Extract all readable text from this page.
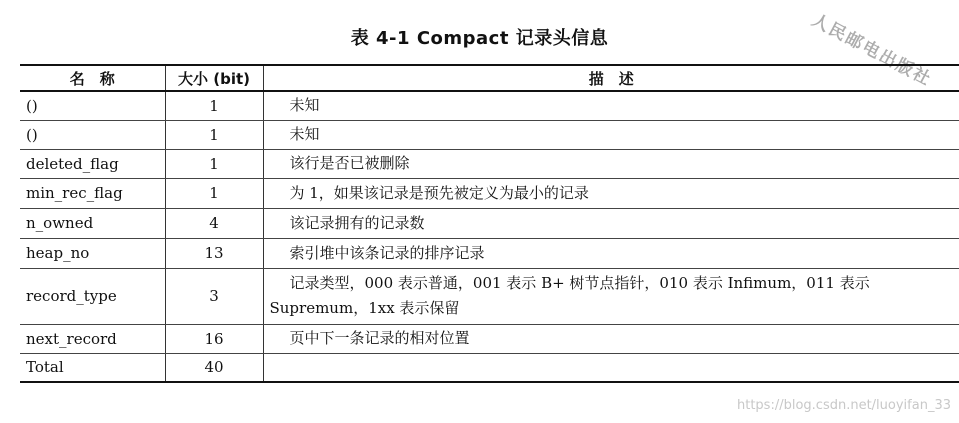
表 4-1 Compact 记录头信息	人民邮电出版社
名　称	大小 (bit)	描　述
()	1	未知

()	1	未知

deleted_flag	1	该行是否已被删除

min_rec_flag	1	为 1，如果该记录是预先被定义为最小的记录

n_owned	4	该记录拥有的记录数

heap_no	13	索引堆中该条记录的排序记录

record_type	3	记录类型，000 表示普通，001 表示 B+ 树节点指针，010 表示 Infimum，011 表示
Supremum，1xx 表示保留

next_record	16	页中下一条记录的相对位置

Total	40	
https://blog.csdn.net/luoyifan_33
